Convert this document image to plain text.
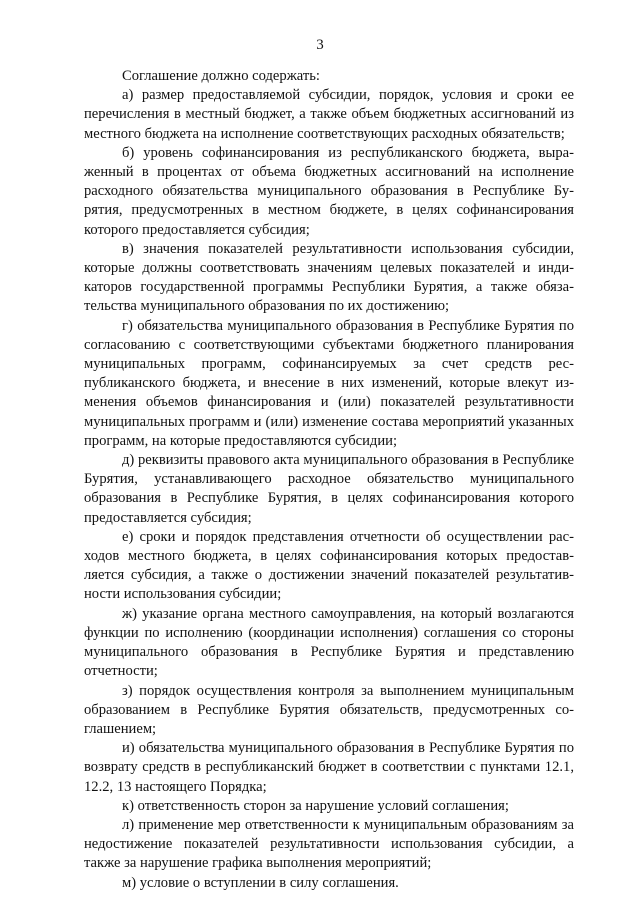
3

Соглашение должно содержать:

а) размер предоставляемой субсидии, порядок, условия и сроки ее перечисления в местный бюджет, а также объем бюджетных ассигнований из местного бюджета на исполнение соответствующих расходных обязательств;

б) уровень софинансирования из республиканского бюджета, выраженный в процентах от объема бюджетных ассигнований на исполнение расходного обязательства муниципального образования в Республике Бурятия, предусмотренных в местном бюджете, в целях софинансирования которого предоставляется субсидия;

в) значения показателей результативности использования субсидии, которые должны соответствовать значениям целевых показателей и индикаторов государственной программы Республики Бурятия, а также обязательства муниципального образования по их достижению;

г) обязательства муниципального образования в Республике Бурятия по согласованию с соответствующими субъектами бюджетного планирования муниципальных программ, софинансируемых за счет средств республиканского бюджета, и внесение в них изменений, которые влекут изменения объемов финансирования и (или) показателей результативности муниципальных программ и (или) изменение состава мероприятий указанных программ, на которые предоставляются субсидии;

д) реквизиты правового акта муниципального образования в Республике Бурятия, устанавливающего расходное обязательство муниципального образования в Республике Бурятия, в целях софинансирования которого предоставляется субсидия;

е) сроки и порядок представления отчетности об осуществлении расходов местного бюджета, в целях софинансирования которых предоставляется субсидия, а также о достижении значений показателей результативности использования субсидии;

ж) указание органа местного самоуправления, на который возлагаются функции по исполнению (координации исполнения) соглашения со стороны муниципального образования в Республике Бурятия и представлению отчетности;

з) порядок осуществления контроля за выполнением муниципальным образованием в Республике Бурятия обязательств, предусмотренных соглашением;

и) обязательства муниципального образования в Республике Бурятия по возврату средств в республиканский бюджет в соответствии с пунктами 12.1, 12.2, 13 настоящего Порядка;

к) ответственность сторон за нарушение условий соглашения;

л) применение мер ответственности к муниципальным образованиям за недостижение показателей результативности использования субсидии, а также за нарушение графика выполнения мероприятий;

м) условие о вступлении в силу соглашения.
